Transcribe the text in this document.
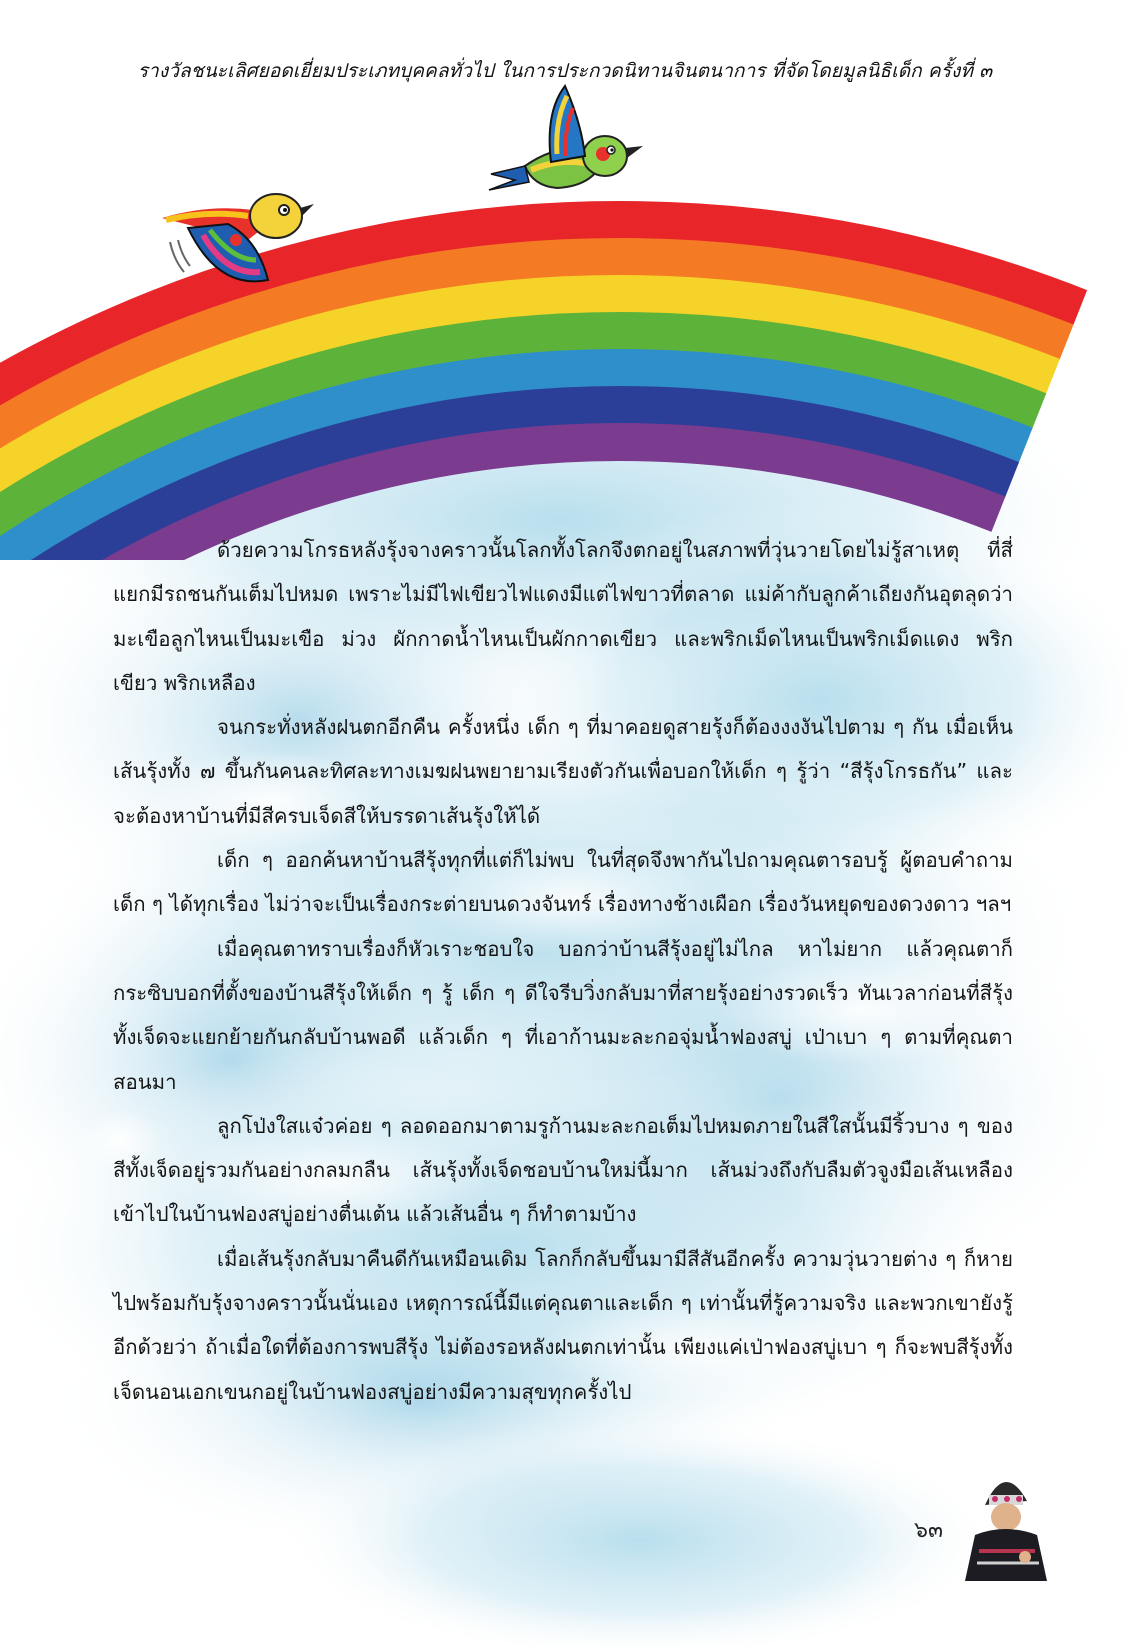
รางวัลชนะเลิศยอดเยี่ยมประเภทบุคคลทั่วไป ในการประกวดนิทานจินตนาการ ที่จัดโดยมูลนิธิเด็ก ครั้งที่ ๓

ด้วยความโกรธหลังรุ้งจางคราวนั้นโลกทั้งโลกจึงตกอยู่ในสภาพที่วุ่นวายโดยไม่รู้สาเหตุ ที่สี่แยกมีรถชนกันเต็มไปหมด เพราะไม่มีไฟเขียวไฟแดงมีแต่ไฟขาวที่ตลาด แม่ค้ากับลูกค้าเถียงกันอุตลุดว่า มะเขือลูกไหนเป็นมะเขือ ม่วง ผักกาดน้ำไหนเป็นผักกาดเขียว และพริกเม็ดไหนเป็นพริกเม็ดแดง พริกเขียว พริกเหลือง

จนกระทั่งหลังฝนตกอีกคืน ครั้งหนึ่ง เด็ก ๆ ที่มาคอยดูสายรุ้งก็ต้องงงงันไปตาม ๆ กัน เมื่อเห็นเส้นรุ้งทั้ง ๗ ขึ้นกันคนละทิศละทางเมฆฝนพยายามเรียงตัวกันเพื่อบอกให้เด็ก ๆ รู้ว่า “สีรุ้งโกรธกัน” และจะต้องหาบ้านที่มีสีครบเจ็ดสีให้บรรดาเส้นรุ้งให้ได้

เด็ก ๆ ออกค้นหาบ้านสีรุ้งทุกที่แต่ก็ไม่พบ ในที่สุดจึงพากันไปถามคุณตารอบรู้ ผู้ตอบคำถามเด็ก ๆ ได้ทุกเรื่อง ไม่ว่าจะเป็นเรื่องกระต่ายบนดวงจันทร์ เรื่องทางช้างเผือก เรื่องวันหยุดของดวงดาว ฯลฯ

เมื่อคุณตาทราบเรื่องก็หัวเราะชอบใจ บอกว่าบ้านสีรุ้งอยู่ไม่ไกล หาไม่ยาก แล้วคุณตาก็กระซิบบอกที่ตั้งของบ้านสีรุ้งให้เด็ก ๆ รู้ เด็ก ๆ ดีใจรีบวิ่งกลับมาที่สายรุ้งอย่างรวดเร็ว ทันเวลาก่อนที่สีรุ้งทั้งเจ็ดจะแยกย้ายกันกลับบ้านพอดี แล้วเด็ก ๆ ที่เอาก้านมะละกอจุ่มน้ำฟองสบู่ เป่าเบา ๆ ตามที่คุณตาสอนมา

ลูกโป่งใสแจ๋วค่อย ๆ ลอดออกมาตามรูก้านมะละกอเต็มไปหมดภายในสีใสนั้นมีริ้วบาง ๆ ของสีทั้งเจ็ดอยู่รวมกันอย่างกลมกลืน เส้นรุ้งทั้งเจ็ดชอบบ้านใหม่นี้มาก เส้นม่วงถึงกับลืมตัวจูงมือเส้นเหลืองเข้าไปในบ้านฟองสบู่อย่างตื่นเต้น แล้วเส้นอื่น ๆ ก็ทำตามบ้าง

เมื่อเส้นรุ้งกลับมาคืนดีกันเหมือนเดิม โลกก็กลับขึ้นมามีสีสันอีกครั้ง ความวุ่นวายต่าง ๆ ก็หายไปพร้อมกับรุ้งจางคราวนั้นนั่นเอง เหตุการณ์นี้มีแต่คุณตาและเด็ก ๆ เท่านั้นที่รู้ความจริง และพวกเขายังรู้อีกด้วยว่า ถ้าเมื่อใดที่ต้องการพบสีรุ้ง ไม่ต้องรอหลังฝนตกเท่านั้น เพียงแค่เป่าฟองสบู่เบา ๆ ก็จะพบสีรุ้งทั้งเจ็ดนอนเอกเขนกอยู่ในบ้านฟองสบู่อย่างมีความสุขทุกครั้งไป

๖๓
